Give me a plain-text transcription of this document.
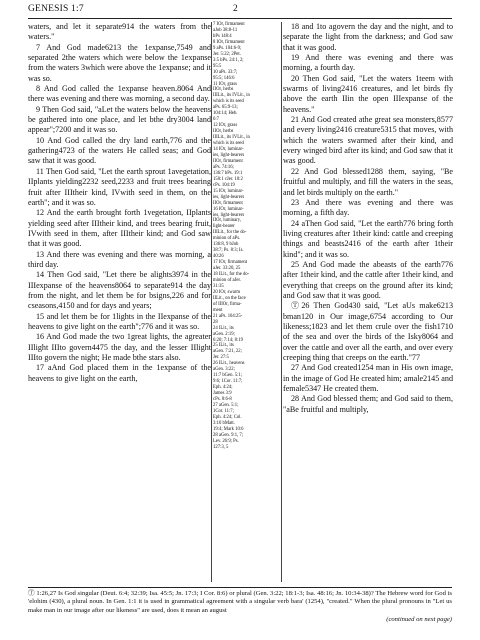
GENESIS 1:7	2

waters, and let it separate914 the waters from the waters."

7 And God made6213 the 1expanse,7549 and separated 2the waters which were below the 1expanse from the waters 3which were above the 1expanse; and it was so.

8 And God called the 1expanse heaven.8064 And there was evening and there was morning, a second day.

9 Then God said, "aLet the waters below the heavens be gathered into one place, and let bthe dry3004 land appear";7200 and it was so.

10 And God called the dry land earth,776 and the gathering4723 of the waters He called seas; and God saw that it was good.

11 Then God said, "Let the earth sprout 1avegetation, IIplants yielding2232 seed,2233 and fruit trees bearing fruit after IIItheir kind, IVwith seed in them, on the earth"; and it was so.

12 And the earth brought forth 1vegetation, IIplants yielding seed after IIItheir kind, and trees bearing fruit, IVwith seed in them, after IIItheir kind; and God saw that it was good.

13 And there was evening and there was morning, a third day.

14 Then God said, "Let there be alights3974 in the IIIexpanse of the heavens8064 to separate914 the day from the night, and let them be for bsigns,226 and for cseasons,4150 and for days and years;

15 and let them be for 1lights in the IIexpanse of the heavens to give light on the earth";776 and it was so.

16 And God made the two 1great lights, the agreater IIlight IIIto govern4475 the day, and the lesser IIlight IIIto govern the night; He made bthe stars also.

17 aAnd God placed them in the 1expanse of the heavens to give light on the earth,

7 IOr, firmament
aJob 38:8-11
bPs 148:4
8 IOr, firmament
9 aPs. 104:6-9;
Jer. 5:22; 2Pet.
3:5 bPs. 24:1, 2;
95:5
10 aPs. 33:7;
95:5; 146:6
11 IOr, grass
IIOr, herbs
IIILit., its IVLit., in
which is its seed
aPs. 65:9-13;
104:14; Heb.
6:7
12 IOr, grass
IIOr, herbs
IIILit., its IVLit., in
which is its seed
14 IOr, luminar-
ies, light-bearers
IIOr, firmament
aPs. 74:16;
136:7 bPs. 19:1
150:1 cJer. 10:2
cPs. 104:19
15 IOr, luminar-
ies, light-bearers
IIOr, firmament
16 IOr, luminar-
ies, light-bearers
IIOr, luminary,
light-bearer
IIILit., for the do-
minion of aPs.
136:8, 9 bJob
38:7; Ps. 8:3; Is.
40:26
17 IOr, firmament
aJer. 33:20, 25
18 ILit., for the do-
minion of aJer.
31:35
20 IOr, swarm
IILit., on the face
of IIIOr, firma-
ment
21 aPs. 104:25-
28
24 ILit., its
aGen. 2:19;
6:20; 7:14; 8:19
25 ILit., its
aGen. 7:21, 22;
Jer. 27:5
26 ILit., heavens
aGen. 3:22;
11:7 bGen. 5:1;
9:6; 1Cor. 11:7;
Eph. 4:24;
James 3:9
cPs. 8:6-8
27 aGen. 5:1;
1Cor. 11:7;
Eph. 4:24; Col.
3:10 bMatt.
19:4; Mark 10:6
28 aGen. 9:1, 7;
Lev. 26:9; Ps.
127:3, 5

18 and 1to agovern the day and the night, and to separate the light from the darkness; and God saw that it was good.

19 And there was evening and there was morning, a fourth day.

20 Then God said, "Let the waters 1teem with swarms of living2416 creatures, and let birds fly above the earth IIin the open IIIexpanse of the heavens."

21 And God created athe great sea monsters,8577 and every living2416 creature5315 that moves, with which the waters swarmed after their kind, and every winged bird after its kind; and God saw that it was good.

22 And God blessed1288 them, saying, "Be fruitful and multiply, and fill the waters in the seas, and let birds multiply on the earth."

23 And there was evening and there was morning, a fifth day.

24 aThen God said, "Let the earth776 bring forth living creatures after 1their kind: cattle and creeping things and beasts2416 of the earth after 1their kind"; and it was so.

25 And God made the abeasts of the earth776 after 1their kind, and the cattle after 1their kind, and everything that creeps on the ground after its kind; and God saw that it was good.

Ⓣ26 Then God430 said, "Let aUs make6213 bman120 in Our image,6754 according to Our likeness;1823 and let them crule over the fish1710 of the sea and over the birds of the Isky8064 and over the cattle and over all the earth, and over every creeping thing that creeps on the earth."77

27 And God created1254 man in His own image, in the image of God He created him; amale2145 and female5347 He created them.

28 And God blessed them; and God said to them, "aBe fruitful and multiply,

Ⓣ 1:26,27 Is God singular (Deut. 6:4; 32:39; Isa. 45:5; Jn. 17:3; I Cor. 8:6) or plural (Gen. 3:22; 18:1-3; Isa. 48:16; Jn. 10:34-38)? The Hebrew word for God is 'elohim (430), a plural noun. In Gen. 1:1 it is used in grammatical agreement with a singular verb bara' (1254), "created." When the plural pronouns in "Let us make man in our image after our likeness" are used, does it mean an august
(continued on next page)
